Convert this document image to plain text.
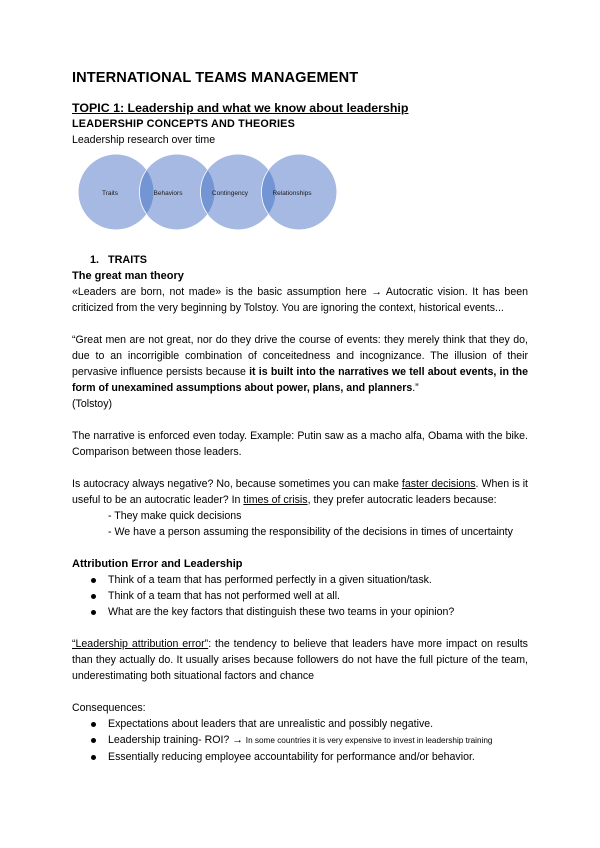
INTERNATIONAL TEAMS MANAGEMENT
TOPIC 1: Leadership and what we know about leadership
LEADERSHIP CONCEPTS AND THEORIES

Leadership research over time

Traits	Behaviors	Contingency	Relationships
1. TRAITS
The great man theory

«Leaders are born, not made» is the basic assumption here → Autocratic vision. It has been criticized from the very beginning by Tolstoy. You are ignoring the context, historical events...

“Great men are not great, nor do they drive the course of events: they merely think that they do, due to an incorrigible combination of conceitedness and incognizance. The illusion of their pervasive influence persists because it is built into the narratives we tell about events, in the form of unexamined assumptions about power, plans, and planners.”

(Tolstoy)

The narrative is enforced even today. Example: Putin saw as a macho alfa, Obama with the bike. Comparison between those leaders.

Is autocracy always negative? No, because sometimes you can make faster decisions. When is it useful to be an autocratic leader? In times of crisis, they prefer autocratic leaders because:

- They make quick decisions
- We have a person assuming the responsibility of the decisions in times of uncertainty
Attribution Error and Leadership
Think of a team that has performed perfectly in a given situation/task.
Think of a team that has not performed well at all.
What are the key factors that distinguish these two teams in your opinion?

“Leadership attribution error”: the tendency to believe that leaders have more impact on results than they actually do. It usually arises because followers do not have the full picture of the team, underestimating both situational factors and chance

Consequences:

Expectations about leaders that are unrealistic and possibly negative.
Leadership training- ROI? → In some countries it is very expensive to invest in leadership training
Essentially reducing employee accountability for performance and/or behavior.
